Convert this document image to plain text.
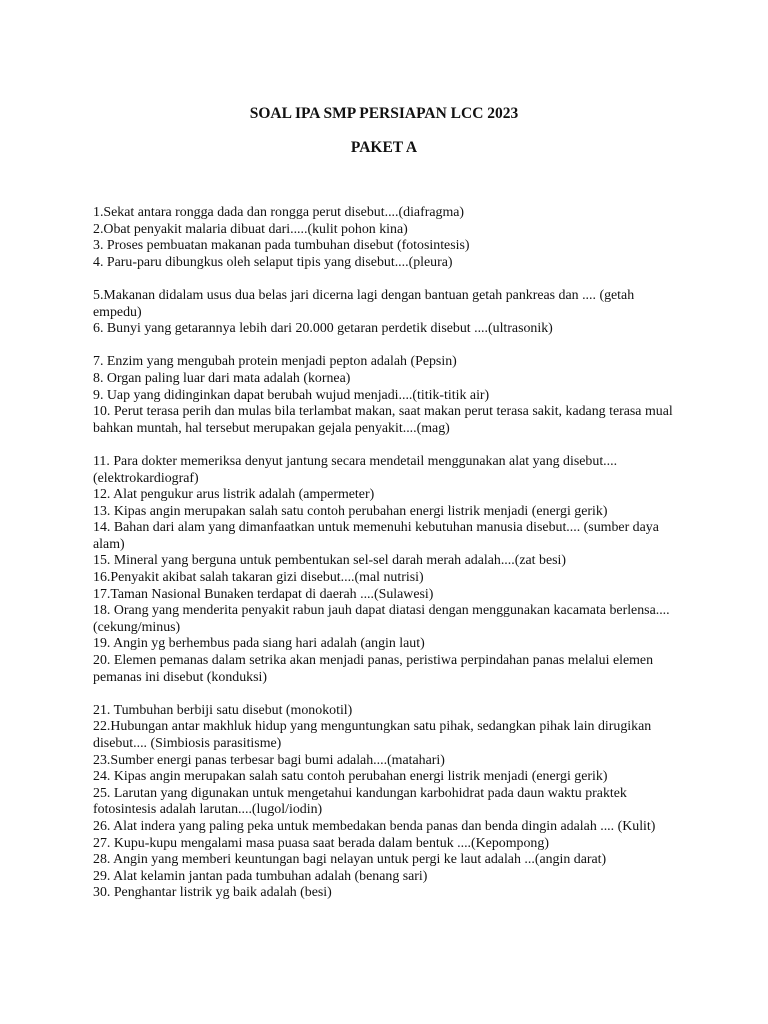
SOAL IPA SMP PERSIAPAN LCC 2023
PAKET A

1.Sekat antara rongga dada dan rongga perut disebut....(diafragma)

2.Obat penyakit malaria dibuat dari.....(kulit pohon kina)

3. Proses pembuatan makanan pada tumbuhan disebut (fotosintesis)

4. Paru-paru dibungkus oleh selaput tipis yang disebut....(pleura)

5.Makanan didalam usus dua belas jari dicerna lagi dengan bantuan getah pankreas dan .... (getah empedu)

6. Bunyi yang getarannya lebih dari 20.000 getaran perdetik disebut ....(ultrasonik)

7. Enzim yang mengubah protein menjadi pepton adalah (Pepsin)

8. Organ paling luar dari mata adalah (kornea)

9. Uap yang didinginkan dapat berubah wujud menjadi....(titik-titik air)

10. Perut terasa perih dan mulas bila terlambat makan, saat makan perut terasa sakit, kadang terasa mual bahkan muntah, hal tersebut merupakan gejala penyakit....(mag)

11. Para dokter memeriksa denyut jantung secara mendetail menggunakan alat yang disebut....(elektrokardiograf)

12. Alat pengukur arus listrik adalah (ampermeter)

13. Kipas angin merupakan salah satu contoh perubahan energi listrik menjadi (energi gerik)

14. Bahan dari alam yang dimanfaatkan untuk memenuhi kebutuhan manusia disebut.... (sumber daya alam)

15. Mineral yang berguna untuk pembentukan sel-sel darah merah adalah....(zat besi)

16.Penyakit akibat salah takaran gizi disebut....(mal nutrisi)

17.Taman Nasional Bunaken terdapat di daerah ....(Sulawesi)

18. Orang yang menderita penyakit rabun jauh dapat diatasi dengan menggunakan kacamata berlensa....(cekung/minus)

19. Angin yg berhembus pada siang hari adalah (angin laut)

20. Elemen pemanas dalam setrika akan menjadi panas, peristiwa perpindahan panas melalui elemen pemanas ini disebut (konduksi)

21. Tumbuhan berbiji satu disebut (monokotil)

22.Hubungan antar makhluk hidup yang menguntungkan satu pihak, sedangkan pihak lain dirugikan disebut.... (Simbiosis parasitisme)

23.Sumber energi panas terbesar bagi bumi adalah....(matahari)

24. Kipas angin merupakan salah satu contoh perubahan energi listrik menjadi (energi gerik)

25. Larutan yang digunakan untuk mengetahui kandungan karbohidrat pada daun waktu praktek fotosintesis adalah larutan....(lugol/iodin)

26. Alat indera yang paling peka untuk membedakan benda panas dan benda dingin adalah .... (Kulit)

27. Kupu-kupu mengalami masa puasa saat berada dalam bentuk ....(Kepompong)

28. Angin yang memberi keuntungan bagi nelayan untuk pergi ke laut adalah ...(angin darat)

29. Alat kelamin jantan pada tumbuhan adalah (benang sari)

30. Penghantar listrik yg baik adalah (besi)
